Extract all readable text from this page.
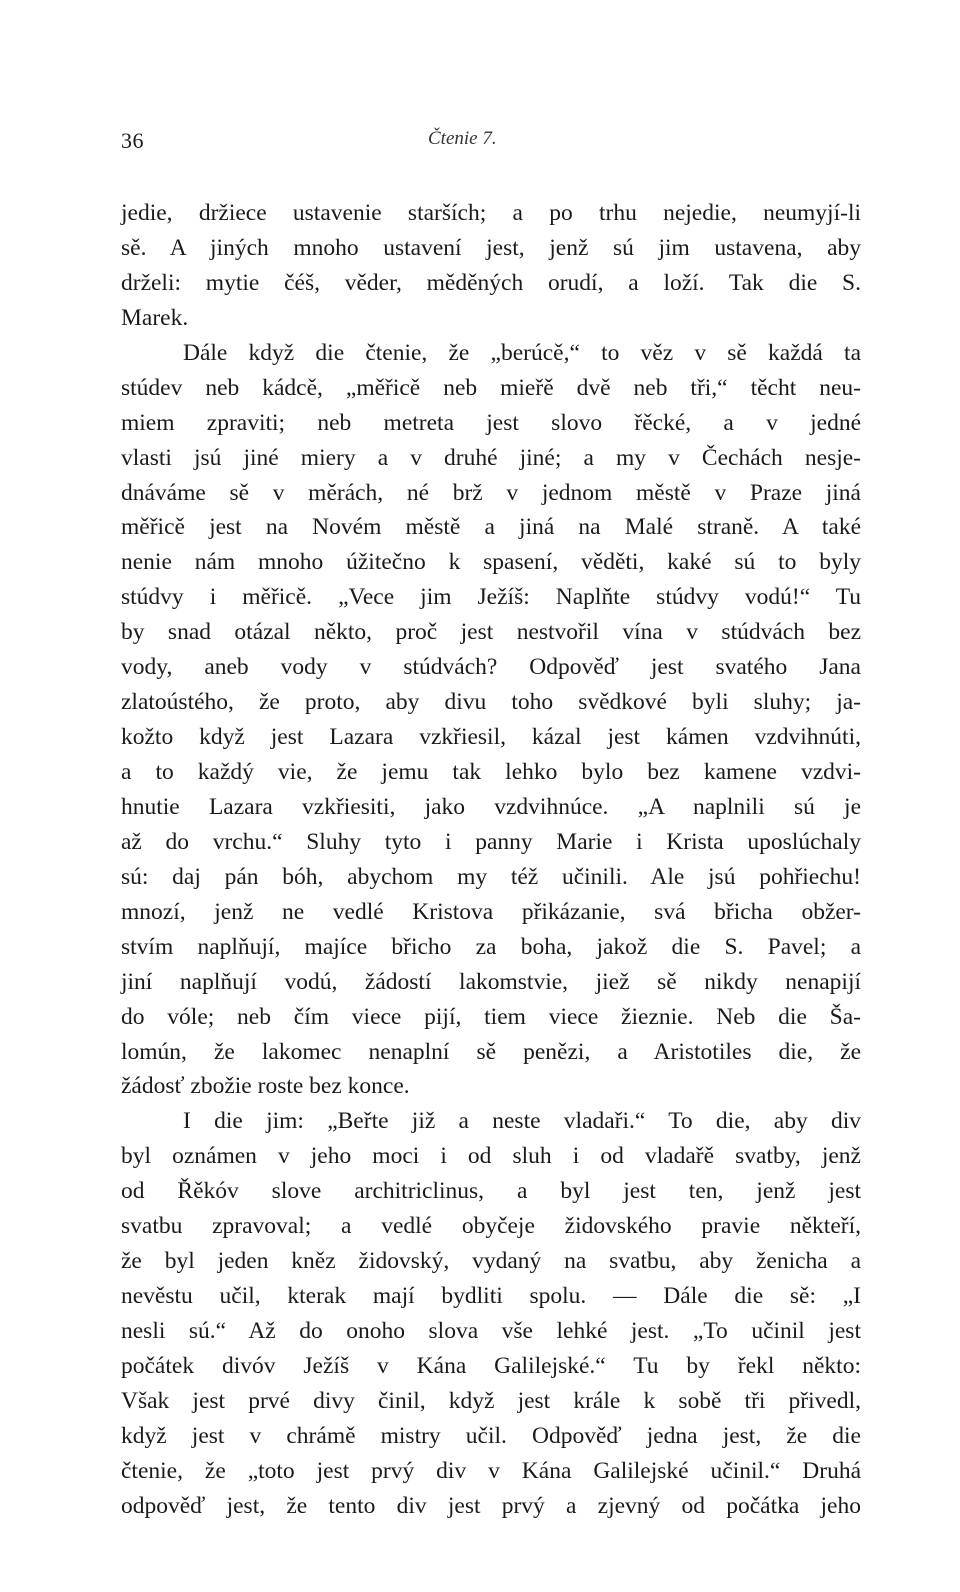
36	Čtenie 7.
jedie, držiece ustavenie starších; a po trhu nejedie, neumyjí-li
sě. A jiných mnoho ustavení jest, jenž sú jim ustavena, aby
drželi: mytie čéš, věder, měděných orudí, a loží. Tak die S.
Marek.
Dále když die čtenie, že „berúcě,“ to věz v sě každá ta
stúdev neb kádcě, „měřicě neb mieřě dvě neb tři,“ těcht neu-
miem zpraviti; neb metreta jest slovo řěcké, a v jedné
vlasti jsú jiné miery a v druhé jiné; a my v Čechách nesje-
dnáváme sě v měrách, né brž v jednom městě v Praze jiná
měřicě jest na Novém městě a jiná na Malé straně. A také
nenie nám mnoho úžitečno k spasení, věděti, kaké sú to byly
stúdvy i měřicě. „Vece jim Ježíš: Naplňte stúdvy vodú!“ Tu
by snad otázal někto, proč jest nestvořil vína v stúdvách bez
vody, aneb vody v stúdvách? Odpověď jest svatého Jana
zlatoústého, že proto, aby divu toho svědkové byli sluhy; ja-
kožto když jest Lazara vzkřiesil, kázal jest kámen vzdvihnúti,
a to každý vie, že jemu tak lehko bylo bez kamene vzdvi-
hnutie Lazara vzkřiesiti, jako vzdvihnúce. „A naplnili sú je
až do vrchu.“ Sluhy tyto i panny Marie i Krista uposlúchaly
sú: daj pán bóh, abychom my též učinili. Ale jsú pohřiechu!
mnozí, jenž ne vedlé Kristova přikázanie, svá břicha obžer-
stvím naplňují, majíce břicho za boha, jakož die S. Pavel; a
jiní naplňují vodú, žádostí lakomstvie, jiež sě nikdy nenapijí
do vóle; neb čím viece pijí, tiem viece žieznie. Neb die Ša-
lomún, že lakomec nenaplní sě penězi, a Aristotiles die, že
žádosť zbožie roste bez konce.
I die jim: „Beřte již a neste vladaři.“ To die, aby div
byl oznámen v jeho moci i od sluh i od vladařě svatby, jenž
od Řěkóv slove architriclinus, a byl jest ten, jenž jest
svatbu zpravoval; a vedlé obyčeje židovského pravie někteří,
že byl jeden kněz židovský, vydaný na svatbu, aby ženicha a
nevěstu učil, kterak mají bydliti spolu. — Dále die sě: „I
nesli sú.“ Až do onoho slova vše lehké jest. „To učinil jest
počátek divóv Ježíš v Kána Galilejské.“ Tu by řekl někto:
Však jest prvé divy činil, když jest krále k sobě tři přivedl,
když jest v chrámě mistry učil. Odpověď jedna jest, že die
čtenie, že „toto jest prvý div v Kána Galilejské učinil.“ Druhá
odpověď jest, že tento div jest prvý a zjevný od počátka jeho
